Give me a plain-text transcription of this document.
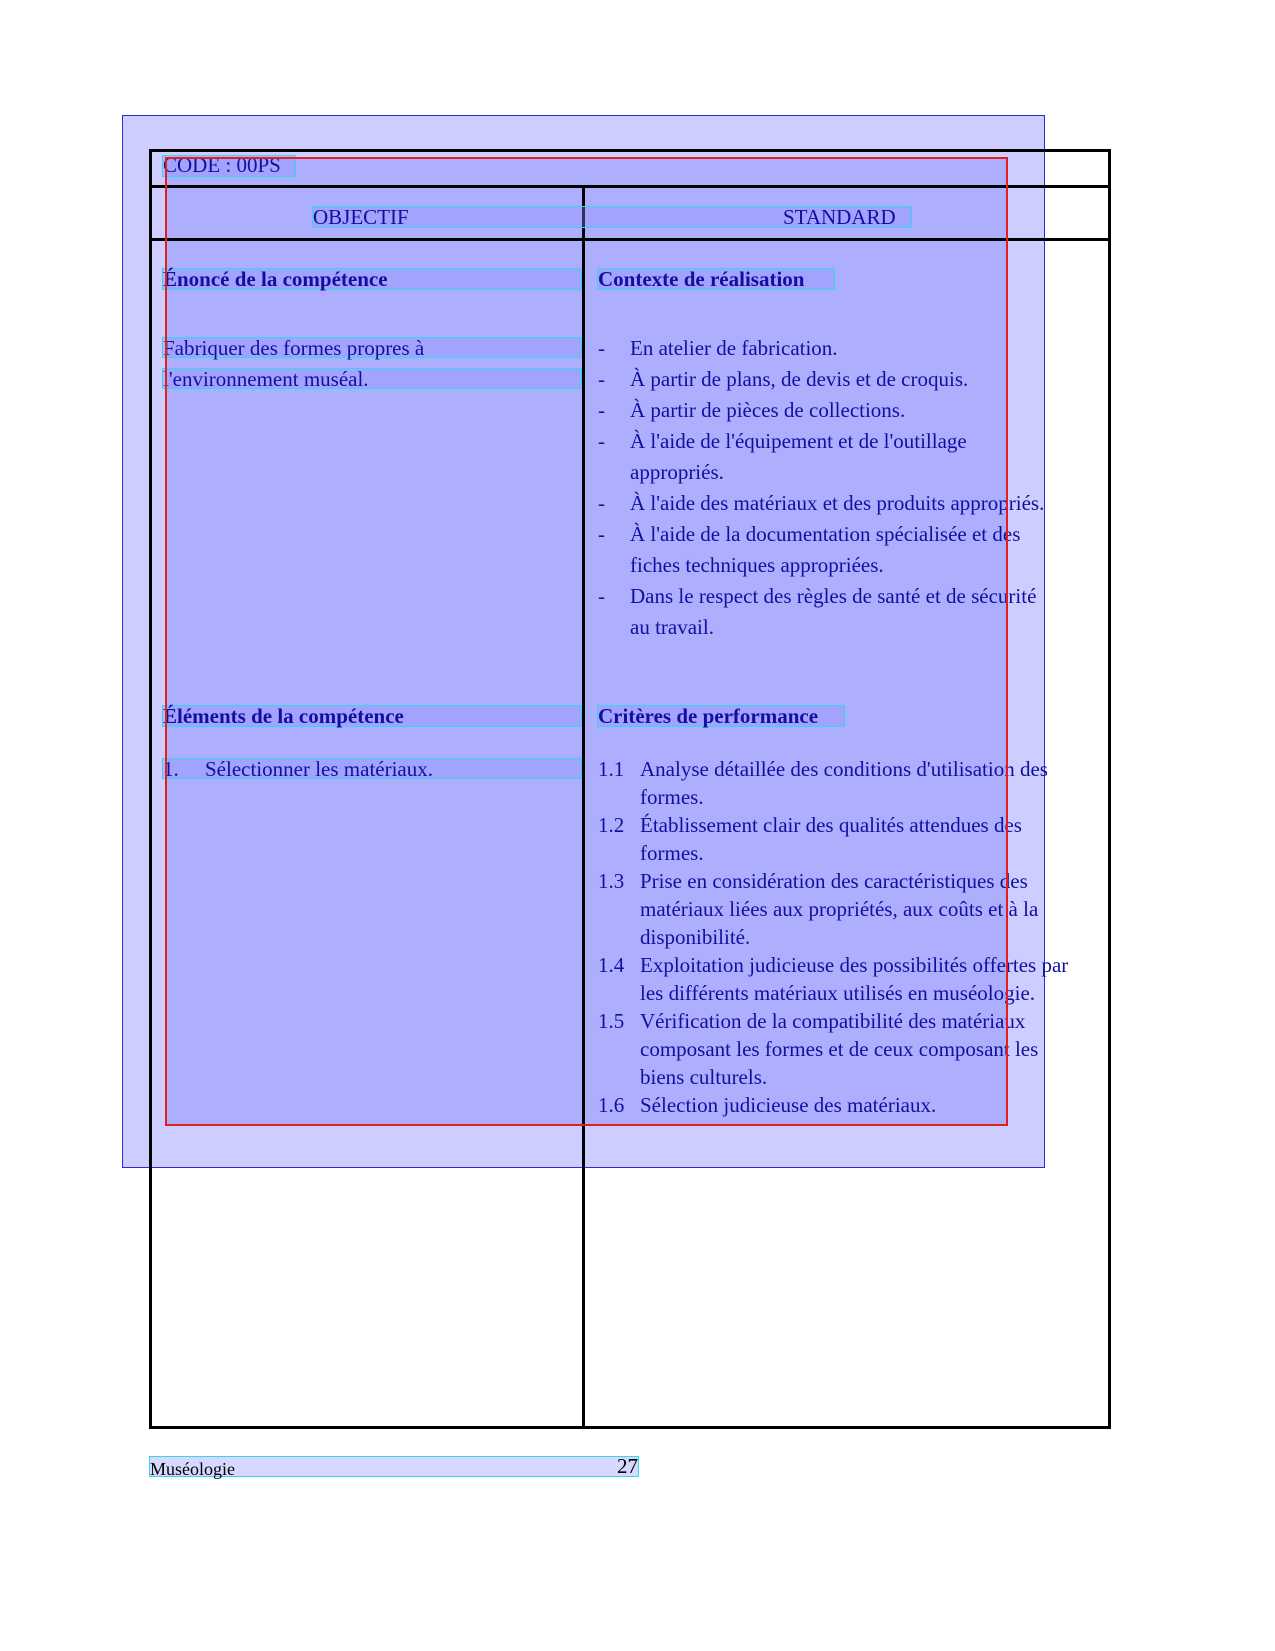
CODE : 00PS
OBJECTIF	STANDARD
Énoncé de la compétence
Fabriquer des formes propres à
l'environnement muséal.
Éléments de la compétence
1. Sélectionner les matériaux.
Contexte de réalisation
- En atelier de fabrication.
- À partir de plans, de devis et de croquis.
- À partir de pièces de collections.
- À l'aide de l'équipement et de l'outillage
appropriés.
- À l'aide des matériaux et des produits appropriés.
- À l'aide de la documentation spécialisée et des
fiches techniques appropriées.
- Dans le respect des règles de santé et de sécurité
au travail.
Critères de performance
1.1 Analyse détaillée des conditions d'utilisation des
formes.
1.2 Établissement clair des qualités attendues des
formes.
1.3 Prise en considération des caractéristiques des
matériaux liées aux propriétés, aux coûts et à la
disponibilité.
1.4 Exploitation judicieuse des possibilités offertes par
les différents matériaux utilisés en muséologie.
1.5 Vérification de la compatibilité des matériaux
composant les formes et de ceux composant les
biens culturels.
1.6 Sélection judicieuse des matériaux.
Muséologie	27
